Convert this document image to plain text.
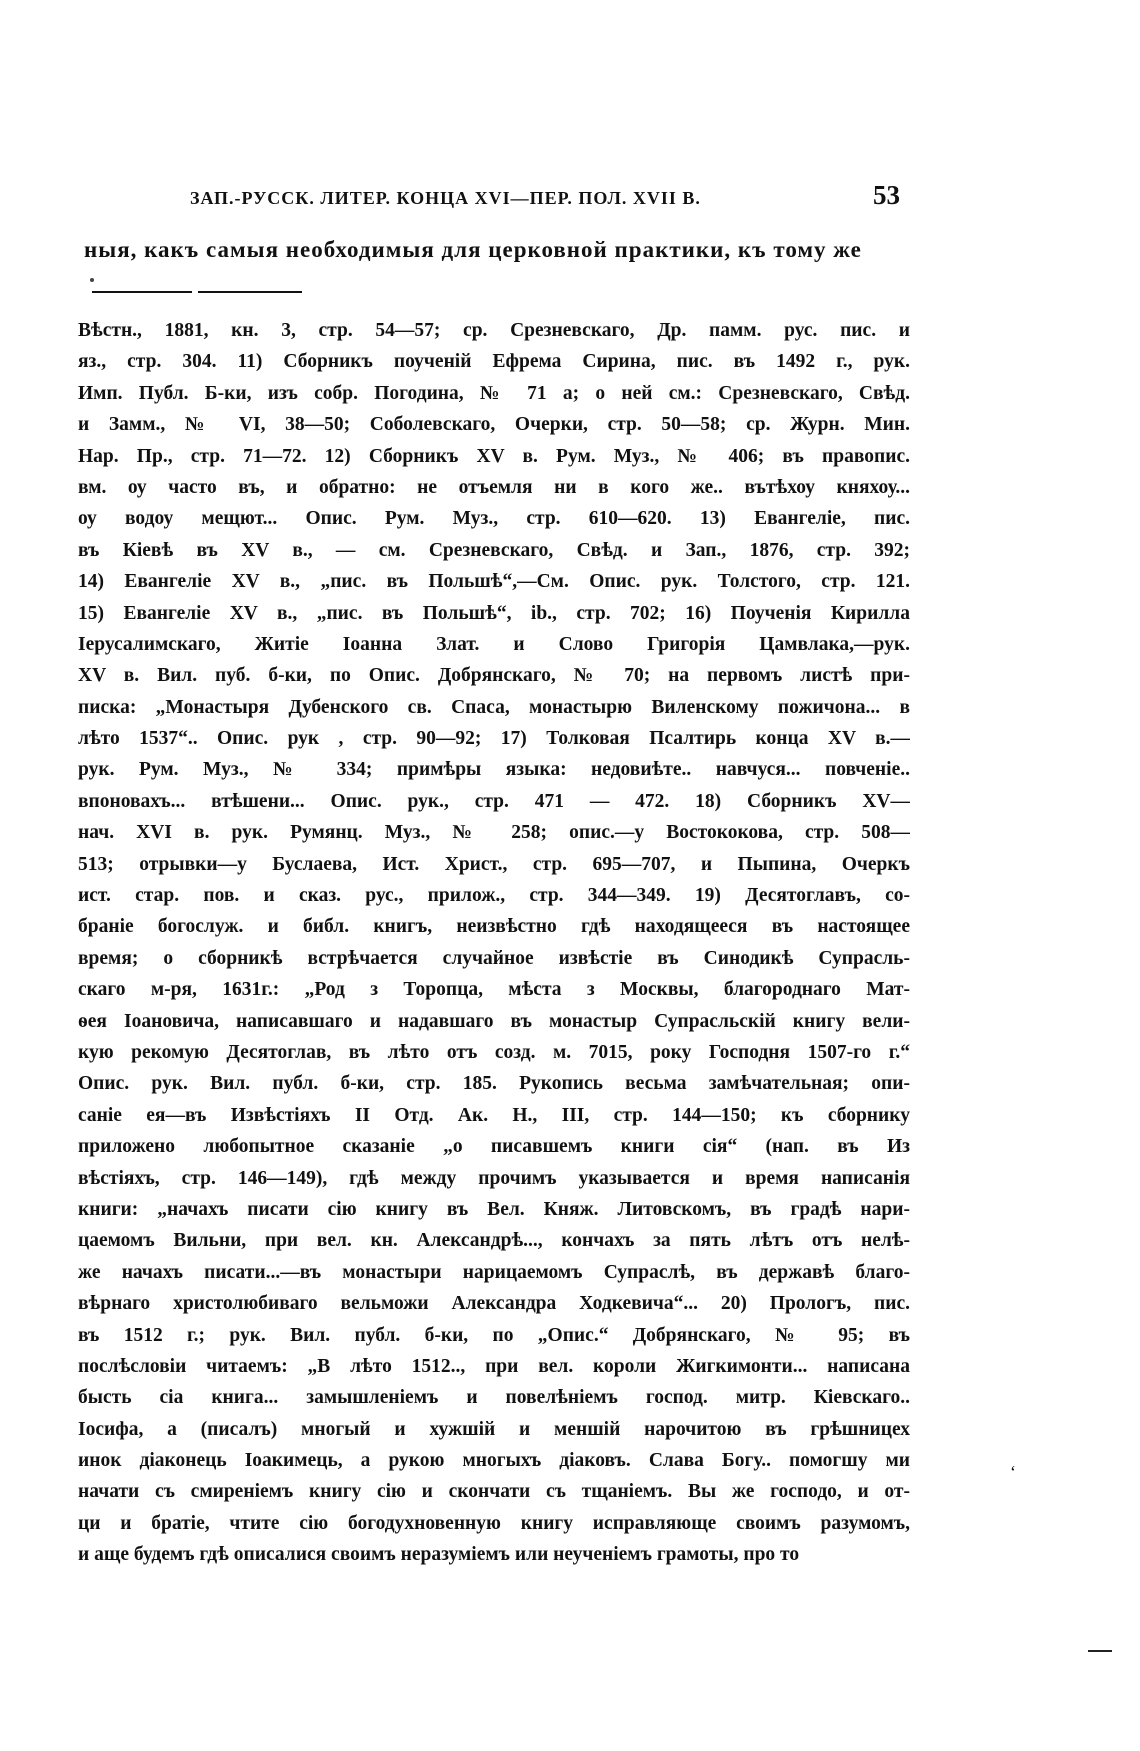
ЗАП.-РУССК. ЛИТЕР. КОНЦА XVI—ПЕР. ПОЛ. XVII В.	53
ныя, какъ самыя необходимыя для церковной практики, къ тому же
Вѣстн., 1881, кн. 3, стр. 54—57; ср. Срезневскаго, Др. памм. рус. пис. и
яз., стр. 304. 11) Сборникъ поученій Ефрема Сирина, пис. въ 1492 г., рук.
Имп. Публ. Б-ки, изъ собр. Погодина, № 71 а; о ней см.: Срезневскаго, Свѣд.
и Замм., № VI, 38—50; Соболевскаго, Очерки, стр. 50—58; ср. Журн. Мин.
Нар. Пр., стр. 71—72. 12) Сборникъ XV в. Рум. Муз., № 406; въ правопис.
вм. оу часто въ, и обратно: не отъемля ни в кого же.. вътѣхоу княхоу...
оу водоу мещют... Опис. Рум. Муз., стр. 610—620. 13) Евангеліе, пис.
въ Кіевѣ въ XV в., — см. Срезневскаго, Свѣд. и Зап., 1876, стр. 392;
14) Евангеліе XV в., „пис. въ Польшѣ“,—См. Опис. рук. Толстого, стр. 121.
15) Евангеліе XV в., „пис. въ Польшѣ“, ib., стр. 702; 16) Поученія Кирилла
Іерусалимскаго, Житіе Іоанна Злат. и Слово Григорія Цамвлака,—рук.
XV в. Вил. пуб. б-ки, по Опис. Добрянскаго, № 70; на первомъ листѣ при-
писка: „Монастыря Дубенского св. Спаса, монастырю Виленскому пожичона... в
лѣто 1537“.. Опис. рук , стр. 90—92; 17) Толковая Псалтирь конца XV в.—
рук. Рум. Муз., № 334; примѣры языка: недовиѣте.. навчуся... повченіе..
впоновахъ... втѣшени... Опис. рук., стр. 471 — 472. 18) Сборникъ XV—
нач. XVI в. рук. Румянц. Муз., № 258; опис.—у Востококова, стр. 508—
513; отрывки—у Буслаева, Ист. Христ., стр. 695—707, и Пыпина, Очеркъ
ист. стар. пов. и сказ. рус., прилож., стр. 344—349. 19) Десятоглавъ, со-
браніе богослуж. и библ. книгъ, неизвѣстно гдѣ находящееся въ настоящее
время; о сборникѣ встрѣчается случайное извѣстіе въ Синодикѣ Супрасль-
скаго м-ря, 1631г.: „Род з Торопца, мѣста з Москвы, благороднаго Мат-
ѳея Іоановича, написавшаго и надавшаго въ монастыр Супрасльскій книгу вели-
кую рекомую Десятоглав, въ лѣто отъ созд. м. 7015, року Господня 1507-го г.“
Опис. рук. Вил. публ. б-ки, стр. 185. Рукопись весьма замѣчательная; опи-
саніе ея—въ Извѣстіяхъ II Отд. Ак. Н., III, стр. 144—150; къ сборнику
приложено любопытное сказаніе „о писавшемъ книги сія“ (нап. въ Из
вѣстіяхъ, стр. 146—149), гдѣ между прочимъ указывается и время написанія
книги: „начахъ писати сію книгу въ Вел. Княж. Литовскомъ, въ градѣ нари-
цаемомъ Вильни, при вел. кн. Александрѣ..., кончахъ за пять лѣтъ отъ нелѣ-
же начахъ писати...—въ монастыри нарицаемомъ Супраслѣ, въ державѣ благо-
вѣрнаго христолюбиваго вельможи Александра Ходкевича“... 20) Прологъ, пис.
въ 1512 г.; рук. Вил. публ. б-ки, по „Опис.“ Добрянскаго, № 95; въ
послѣсловіи читаемъ: „В лѣто 1512.., при вел. короли Жигкимонти... написана
бысть сіа книга... замышленіемъ и повелѣніемъ господ. митр. Кіевскаго..
Іосифа, а (писалъ) многый и хужшій и меншій нарочитою въ грѣшницех
инок діаконець Іоакимець, а рукою многыхъ діаковъ. Слава Богу.. помогшу ми
начати съ смиреніемъ книгу сію и скончати съ тщаніемъ. Вы же господо, и от-
ци и братіе, чтите сію богодухновенную книгу исправляюще своимъ разумомъ,
и аще будемъ гдѣ описалися своимъ неразуміемъ или неученіемъ грамоты, про то
‘
